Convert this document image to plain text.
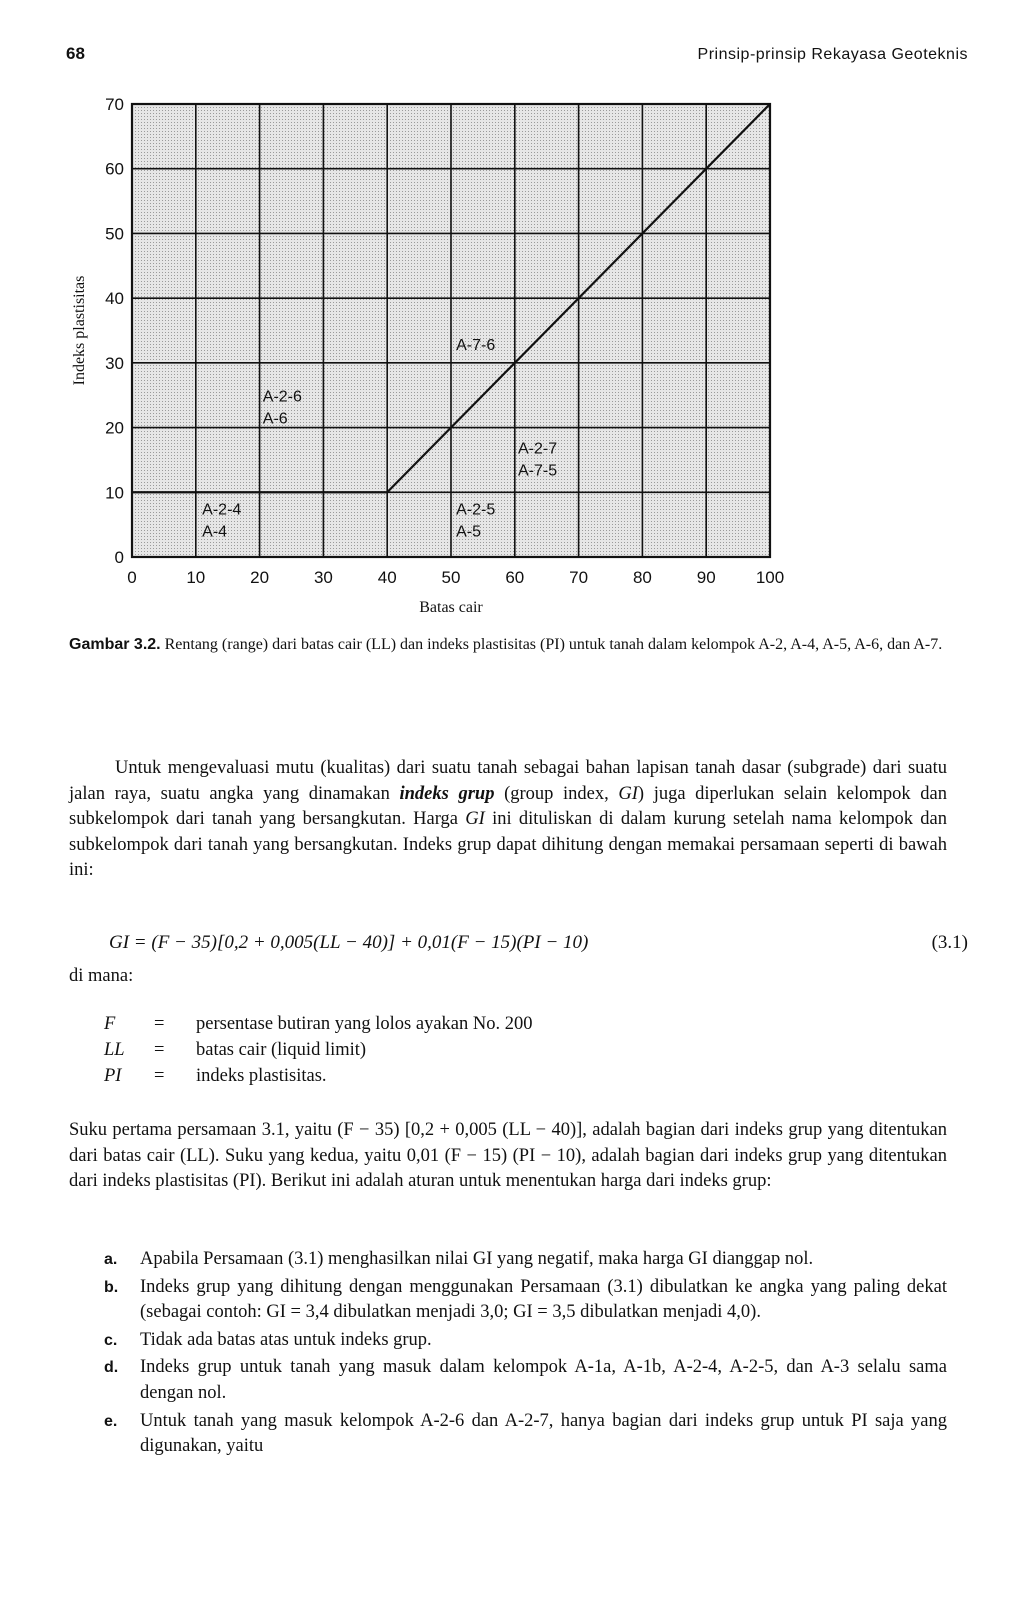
68	Prinsip-prinsip Rekayasa Geoteknis
0	10	20	30	40	50	60	70	80	90 100
0
10
20
30
40
50
60
70
Batas cair
Indeks plastisitas
A-2-4
A-4
A-2-6
A-6
A-7-6
A-2-7
A-7-5
A-2-5
A-5
Gambar 3.2. Rentang (range) dari batas cair (LL) dan indeks plastisitas (PI) untuk tanah dalam kelompok A-2, A-4, A-5, A-6, dan A-7.
Untuk mengevaluasi mutu (kualitas) dari suatu tanah sebagai bahan lapisan tanah dasar (subgrade) dari suatu jalan raya, suatu angka yang dinamakan indeks grup (group index, GI) juga diperlukan selain kelompok dan subkelompok dari tanah yang bersangkutan. Harga GI ini dituliskan di dalam kurung setelah nama kelompok dan subkelompok dari tanah yang bersangkutan. Indeks grup dapat dihitung dengan memakai persamaan seperti di bawah ini:
GI = (F − 35)[0,2 + 0,005(LL − 40)] + 0,01(F − 15)(PI − 10)	(3.1)
di mana:
F	= persentase butiran yang lolos ayakan No. 200
LL	= batas cair (liquid limit)
PI	= indeks plastisitas.
Suku pertama persamaan 3.1, yaitu (F − 35) [0,2 + 0,005 (LL − 40)], adalah bagian dari indeks grup yang ditentukan dari batas cair (LL). Suku yang kedua, yaitu 0,01 (F − 15) (PI − 10), adalah bagian dari indeks grup yang ditentukan dari indeks plastisitas (PI). Berikut ini adalah aturan untuk menentukan harga dari indeks grup:
a. Apabila Persamaan (3.1) menghasilkan nilai GI yang negatif, maka harga GI dianggap nol.
b. Indeks grup yang dihitung dengan menggunakan Persamaan (3.1) dibulatkan ke angka yang paling dekat (sebagai contoh: GI = 3,4 dibulatkan menjadi 3,0; GI = 3,5 dibulatkan menjadi 4,0).
c. Tidak ada batas atas untuk indeks grup.
d. Indeks grup untuk tanah yang masuk dalam kelompok A-1a, A-1b, A-2-4, A-2-5, dan A-3 selalu sama dengan nol.
e. Untuk tanah yang masuk kelompok A-2-6 dan A-2-7, hanya bagian dari indeks grup untuk PI saja yang digunakan, yaitu
